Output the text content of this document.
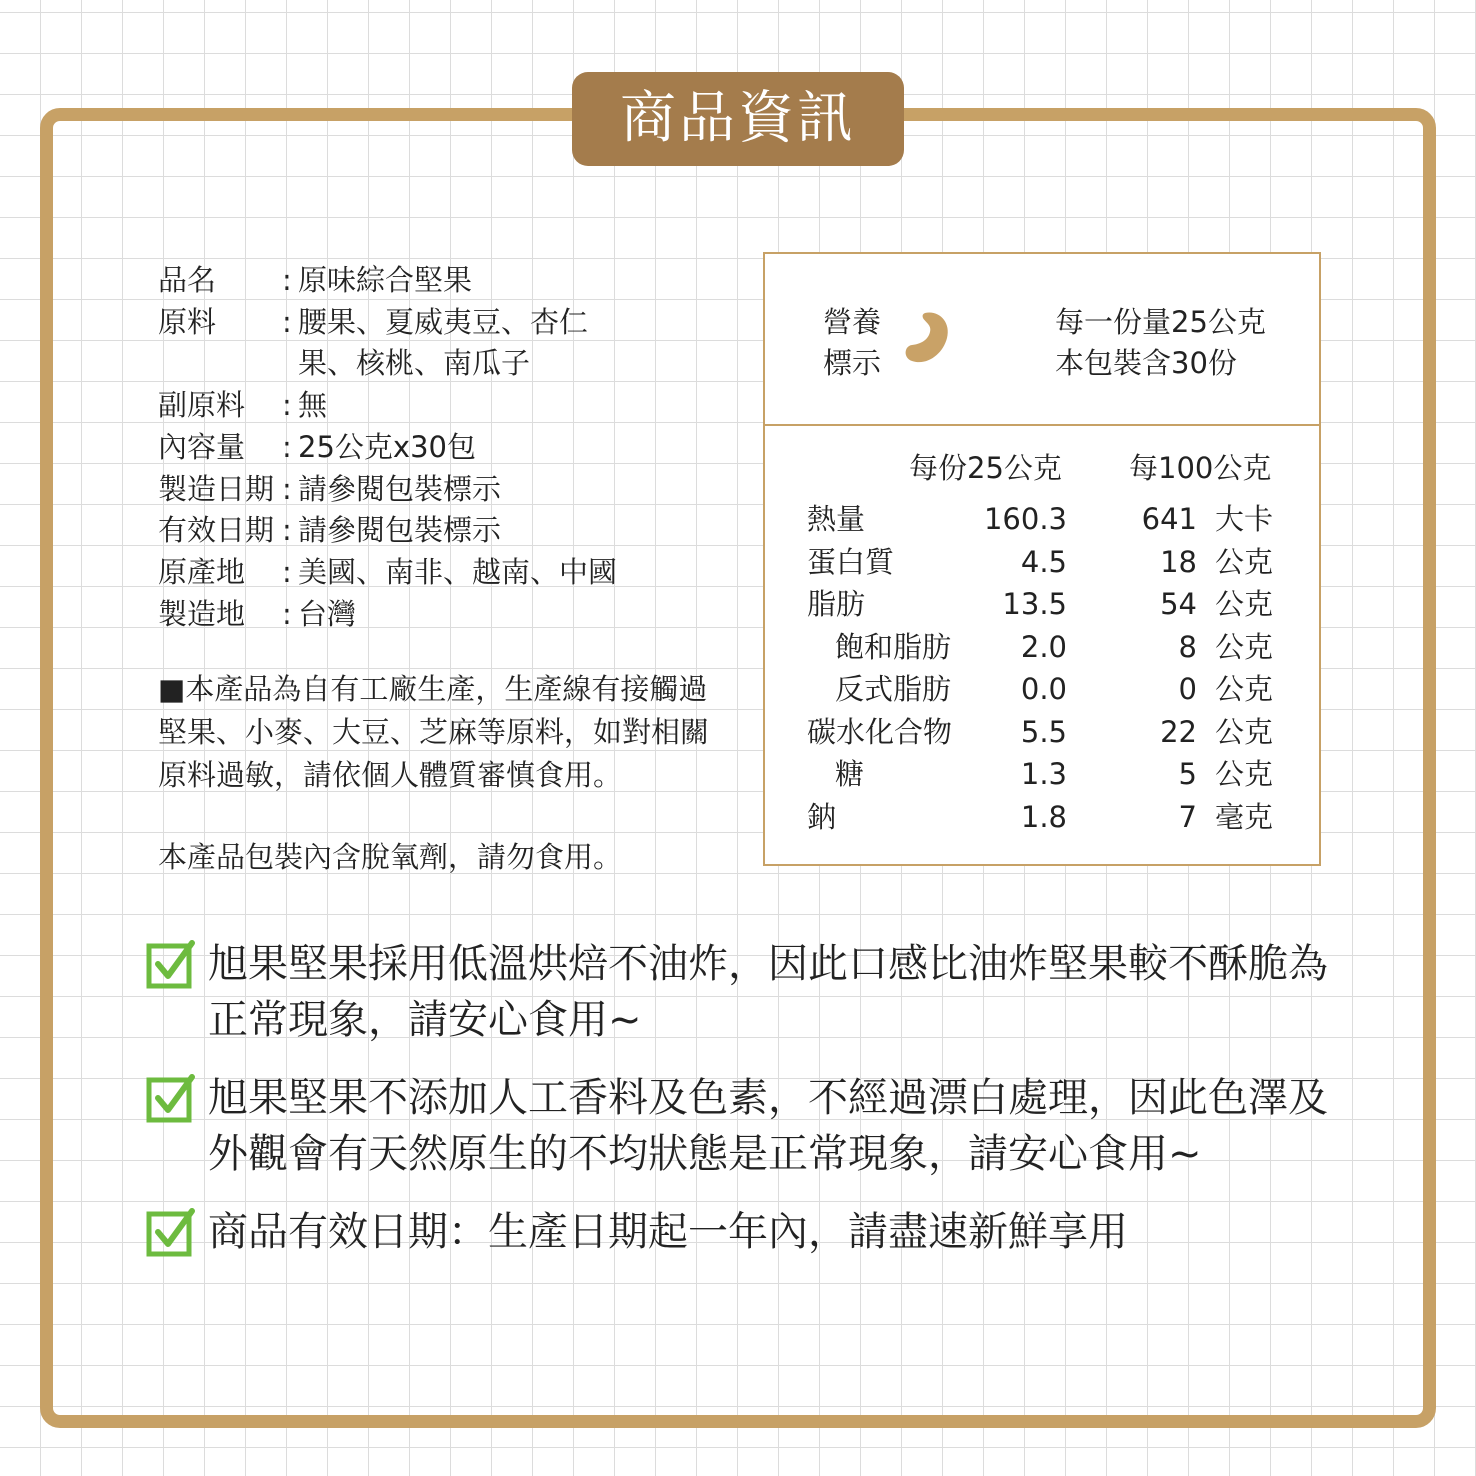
商品資訊
品名 : 原味綜合堅果
原料 : 腰果、夏威夷豆、杏仁果、核桃、南瓜子
副原料 : 無
內容量 : 25公克x30包
製造日期 : 請參閱包裝標示
有效日期 : 請參閱包裝標示
原產地 : 美國、南非、越南、中國
製造地 : 台灣
■本產品為自有工廠生產，生產線有接觸過堅果、小麥、大豆、芝麻等原料，如對相關原料過敏，請依個人體質審慎食用。
本產品包裝內含脫氧劑，請勿食用。
營養
標示
每一份量25公克
本包裝含30份
每份25公克 每100公克
熱量	160.3	641 大卡
蛋白質	4.5	18 公克
脂肪	13.5	54 公克
飽和脂肪 2.0	8 公克
反式脂肪 0.0	0 公克
碳水化合物 5.5	22 公克
糖	1.3	5 公克
鈉	1.8	7 毫克
旭果堅果採用低溫烘焙不油炸，因此口感比油炸堅果較不酥脆為
正常現象，請安心食用~
旭果堅果不添加人工香料及色素，不經過漂白處理，因此色澤及
外觀會有天然原生的不均狀態是正常現象，請安心食用~
商品有效日期：生產日期起一年內，請盡速新鮮享用
